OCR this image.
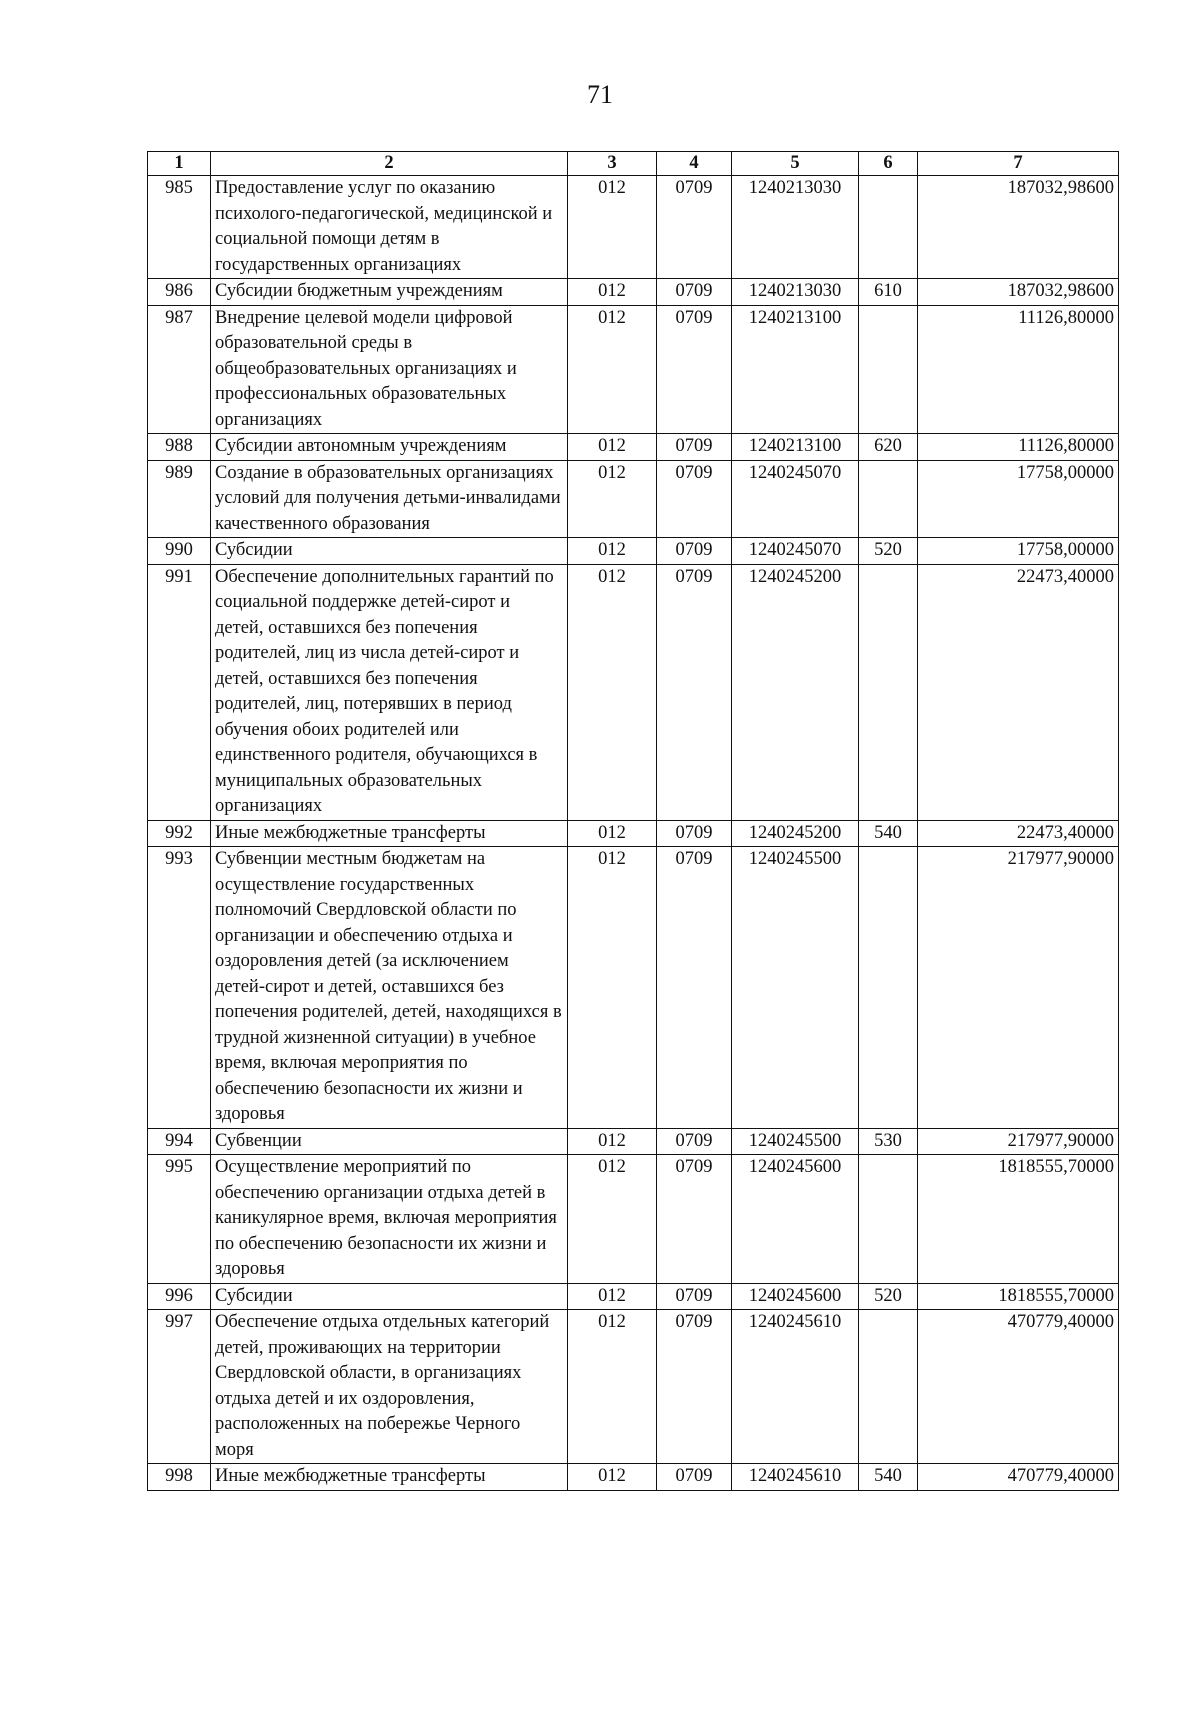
71
1	2	3	4	5	6	7
985	Предоставление услуг по оказанию психолого-педагогической, медицинской и социальной помощи детям в государственных организациях	012	0709	1240213030		187032,98600
986	Субсидии бюджетным учреждениям	012	0709	1240213030	610	187032,98600
987	Внедрение целевой модели цифровой образовательной среды в общеобразовательных организациях и профессиональных образовательных организациях	012	0709	1240213100		11126,80000
988	Субсидии автономным учреждениям	012	0709	1240213100	620	11126,80000
989	Создание в образовательных организациях условий для получения детьми-инвалидами качественного образования	012	0709	1240245070		17758,00000
990	Субсидии	012	0709	1240245070	520	17758,00000
991	Обеспечение дополнительных гарантий по социальной поддержке детей-сирот и детей, оставшихся без попечения родителей, лиц из числа детей-сирот и детей, оставшихся без попечения родителей, лиц, потерявших в период обучения обоих родителей или единственного родителя, обучающихся в муниципальных образовательных организациях	012	0709	1240245200		22473,40000
992	Иные межбюджетные трансферты	012	0709	1240245200	540	22473,40000
993	Субвенции местным бюджетам на осуществление государственных полномочий Свердловской области по организации и обеспечению отдыха и оздоровления детей (за исключением детей-сирот и детей, оставшихся без попечения родителей, детей, находящихся в трудной жизненной ситуации) в учебное время, включая мероприятия по обеспечению безопасности их жизни и здоровья	012	0709	1240245500		217977,90000
994	Субвенции	012	0709	1240245500	530	217977,90000
995	Осуществление мероприятий по обеспечению организации отдыха детей в каникулярное время, включая мероприятия по обеспечению безопасности их жизни и здоровья	012	0709	1240245600		1818555,70000
996	Субсидии	012	0709	1240245600	520	1818555,70000
997	Обеспечение отдыха отдельных категорий детей, проживающих на территории Свердловской области, в организациях отдыха детей и их оздоровления, расположенных на побережье Черного моря	012	0709	1240245610		470779,40000
998	Иные межбюджетные трансферты	012	0709	1240245610	540	470779,40000
